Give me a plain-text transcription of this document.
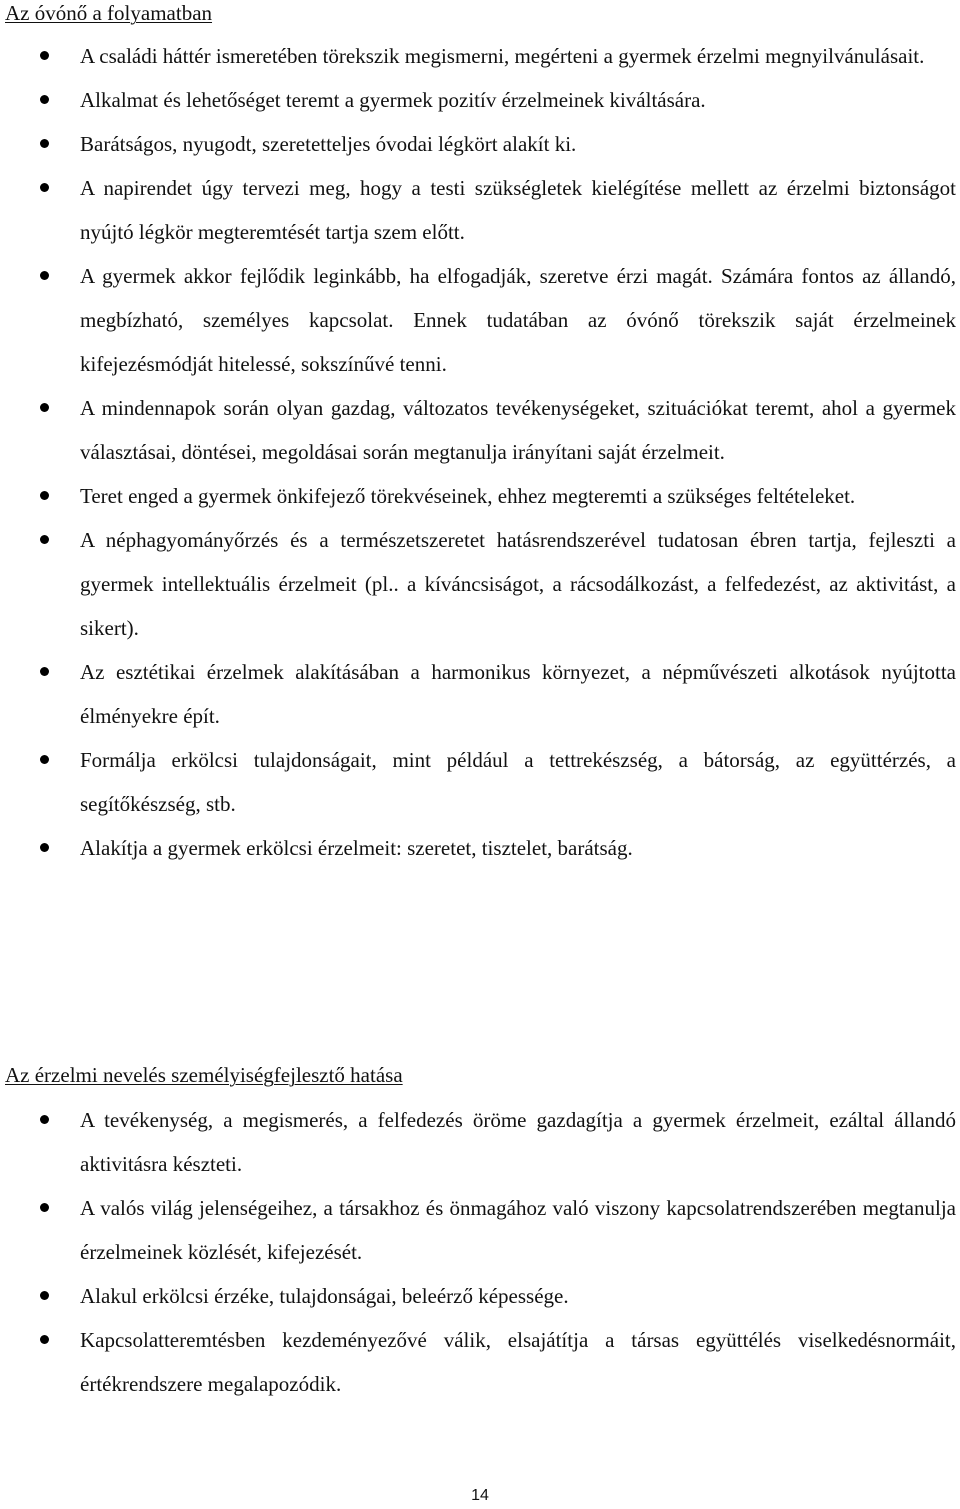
Az óvónő a folyamatban
A családi háttér ismeretében törekszik megismerni, megérteni a gyermek érzelmi megnyilvánulásait.
Alkalmat és lehetőséget teremt a gyermek pozitív érzelmeinek kiváltására.
Barátságos, nyugodt, szeretetteljes óvodai légkört alakít ki.
A napirendet úgy tervezi meg, hogy a testi szükségletek kielégítése mellett az érzelmi biztonságot nyújtó légkör megteremtését tartja szem előtt.
A gyermek akkor fejlődik leginkább, ha elfogadják, szeretve érzi magát. Számára fontos az állandó, megbízható, személyes kapcsolat. Ennek tudatában az óvónő törekszik saját érzelmeinek kifejezésmódját hitelessé, sokszínűvé tenni.
A mindennapok során olyan gazdag, változatos tevékenységeket, szituációkat teremt, ahol a gyermek választásai, döntései, megoldásai során megtanulja irányítani saját érzelmeit.
Teret enged a gyermek önkifejező törekvéseinek, ehhez megteremti a szükséges feltételeket.
A néphagyományőrzés és a természetszeretet hatásrendszerével tudatosan ébren tartja, fejleszti a gyermek intellektuális érzelmeit (pl.. a kíváncsiságot, a rácsodálkozást, a felfedezést, az aktivitást, a sikert).
Az esztétikai érzelmek alakításában a harmonikus környezet, a népművészeti alkotások nyújtotta élményekre épít.
Formálja erkölcsi tulajdonságait, mint például a tettrekészség, a bátorság, az együttérzés, a segítőkészség, stb.
Alakítja a gyermek erkölcsi érzelmeit: szeretet, tisztelet, barátság.
Az érzelmi nevelés személyiségfejlesztő hatása
A tevékenység, a megismerés, a felfedezés öröme gazdagítja a gyermek érzelmeit, ezáltal állandó aktivitásra készteti.
A valós világ jelenségeihez, a társakhoz és önmagához való viszony kapcsolatrendszerében megtanulja érzelmeinek közlését, kifejezését.
Alakul erkölcsi érzéke, tulajdonságai, beleérző képessége.
Kapcsolatteremtésben kezdeményezővé válik, elsajátítja a társas együttélés viselkedésnormáit, értékrendszere megalapozódik.
14
